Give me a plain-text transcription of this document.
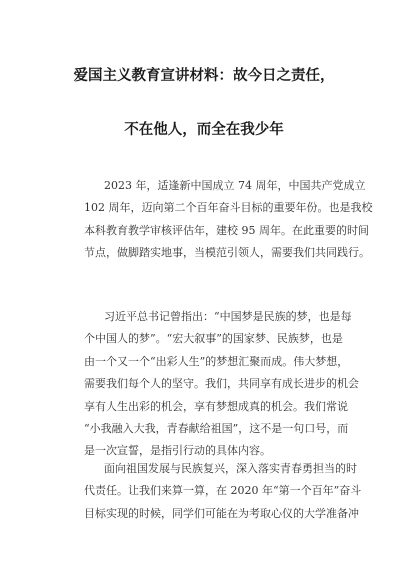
爱国主义教育宣讲材料：故今日之责任，
不在他人，而全在我少年
2023 年，适逢新中国成立 74 周年，中国共产党成立
102 周年，迈向第二个百年奋斗目标的重要年份。也是我校
本科教育教学审核评估年，建校 95 周年。在此重要的时间
节点，做脚踏实地事，当模范引领人，需要我们共同践行。
习近平总书记曾指出：“中国梦是民族的梦，也是每
个中国人的梦”。“宏大叙事”的国家梦、民族梦，也是
由一个又一个“出彩人生”的梦想汇聚而成。伟大梦想，
需要我们每个人的坚守。我们，共同享有成长进步的机会
享有人生出彩的机会，享有梦想成真的机会。我们常说
“小我融入大我，青春献给祖国”，这不是一句口号，而
是一次宣誓，是指引行动的具体内容。
面向祖国发展与民族复兴，深入落实青春勇担当的时
代责任。让我们来算一算，在 2020 年“第一个百年”奋斗
目标实现的时候，同学们可能在为考取心仪的大学准备冲
